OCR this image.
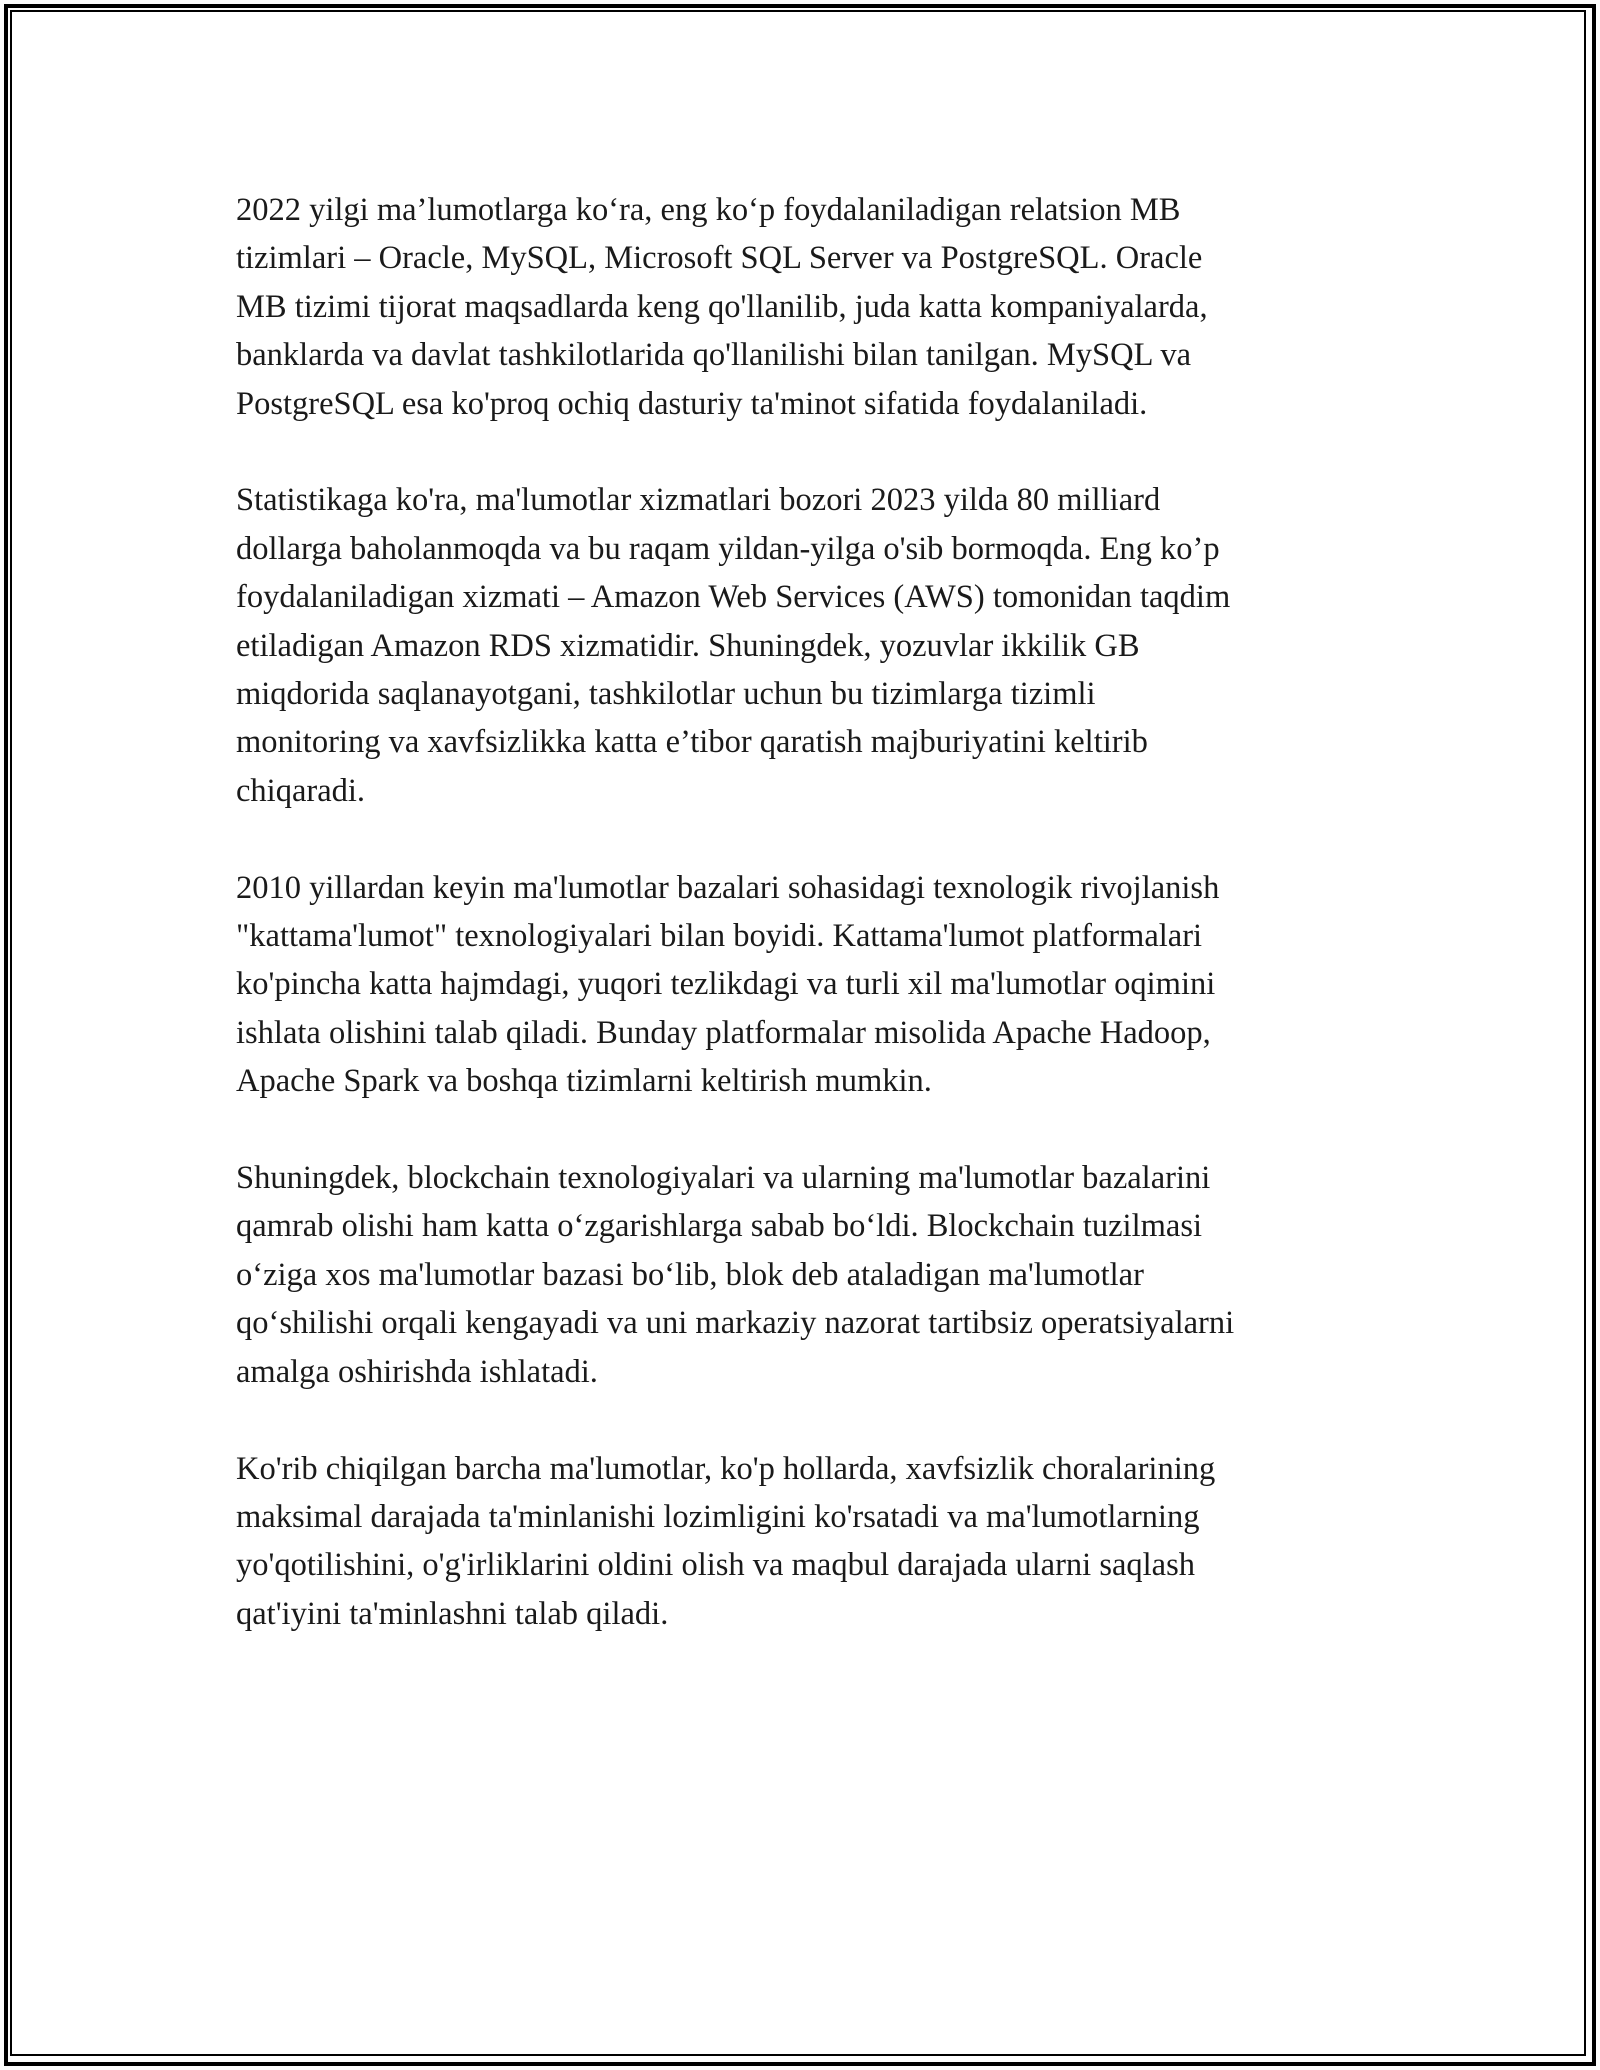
2022 yilgi ma’lumotlarga ko‘ra, eng ko‘p foydalaniladigan relatsion MB
tizimlari – Oracle, MySQL, Microsoft SQL Server va PostgreSQL. Oracle
MB tizimi tijorat maqsadlarda keng qo'llanilib, juda katta kompaniyalarda,
banklarda va davlat tashkilotlarida qo'llanilishi bilan tanilgan. MySQL va
PostgreSQL esa ko'proq ochiq dasturiy ta'minot sifatida foydalaniladi.

Statistikaga ko'ra, ma'lumotlar xizmatlari bozori 2023 yilda 80 milliard
dollarga baholanmoqda va bu raqam yildan-yilga o'sib bormoqda. Eng ko’p
foydalaniladigan xizmati – Amazon Web Services (AWS) tomonidan taqdim
etiladigan Amazon RDS xizmatidir. Shuningdek, yozuvlar ikkilik GB
miqdorida saqlanayotgani, tashkilotlar uchun bu tizimlarga tizimli
monitoring va xavfsizlikka katta e’tibor qaratish majburiyatini keltirib
chiqaradi.

2010 yillardan keyin ma'lumotlar bazalari sohasidagi texnologik rivojlanish
"kattama'lumot" texnologiyalari bilan boyidi. Kattama'lumot platformalari
ko'pincha katta hajmdagi, yuqori tezlikdagi va turli xil ma'lumotlar oqimini
ishlata olishini talab qiladi. Bunday platformalar misolida Apache Hadoop,
Apache Spark va boshqa tizimlarni keltirish mumkin.

Shuningdek, blockchain texnologiyalari va ularning ma'lumotlar bazalarini
qamrab olishi ham katta o‘zgarishlarga sabab bo‘ldi. Blockchain tuzilmasi
o‘ziga xos ma'lumotlar bazasi bo‘lib, blok deb ataladigan ma'lumotlar
qo‘shilishi orqali kengayadi va uni markaziy nazorat tartibsiz operatsiyalarni
amalga oshirishda ishlatadi.

Ko'rib chiqilgan barcha ma'lumotlar, ko'p hollarda, xavfsizlik choralarining
maksimal darajada ta'minlanishi lozimligini ko'rsatadi va ma'lumotlarning
yo'qotilishini, o'g'irliklarini oldini olish va maqbul darajada ularni saqlash
qat'iyini ta'minlashni talab qiladi.
